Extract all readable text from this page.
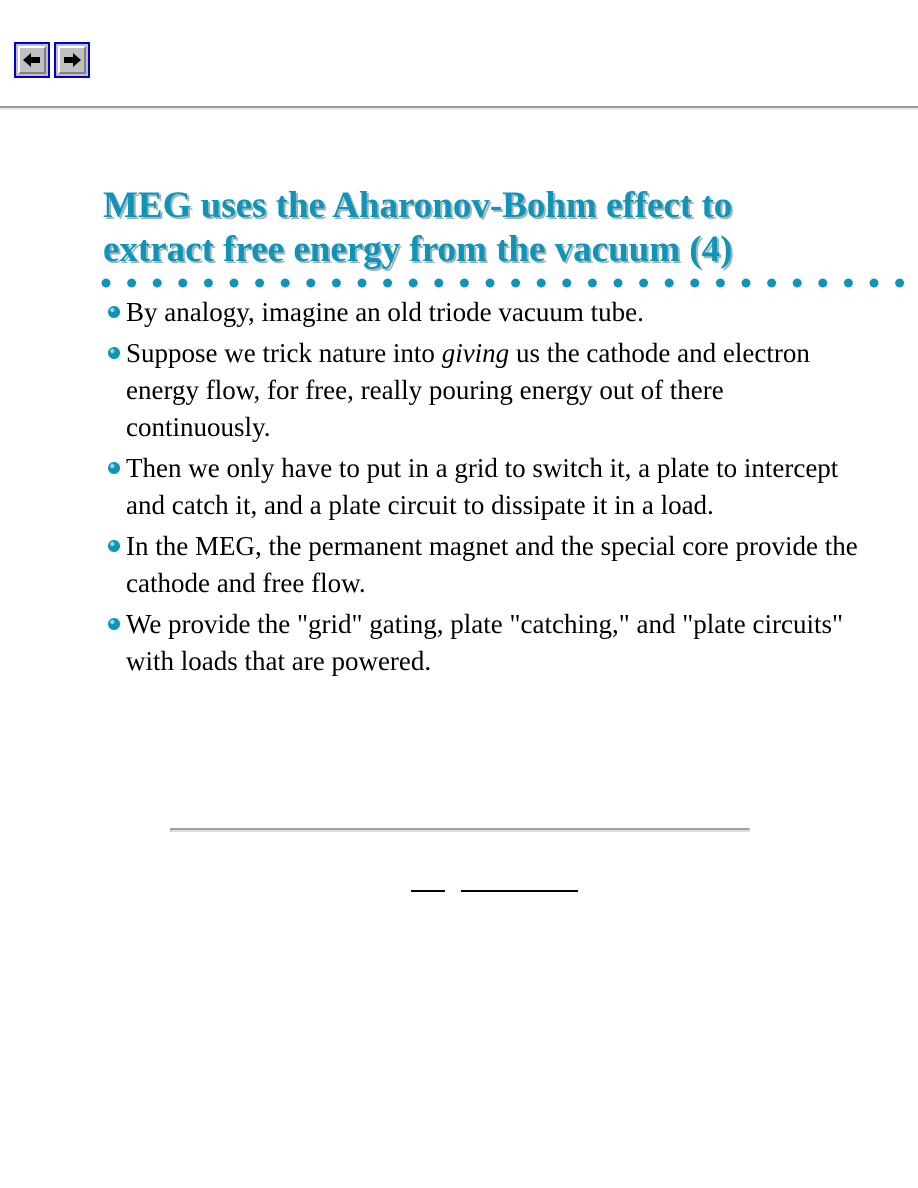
MEG uses the Aharonov-Bohm effect to
extract free energy from the vacuum (4)
By analogy, imagine an old triode vacuum tube.
Suppose we trick nature into giving us the cathode and electron energy flow, for free, really pouring energy out of there continuously.
Then we only have to put in a grid to switch it, a plate to intercept and catch it, and a plate circuit to dissipate it in a load.
In the MEG, the permanent magnet and the special core provide the cathode and free flow.
We provide the "grid" gating, plate "catching," and "plate circuits" with loads that are powered.
